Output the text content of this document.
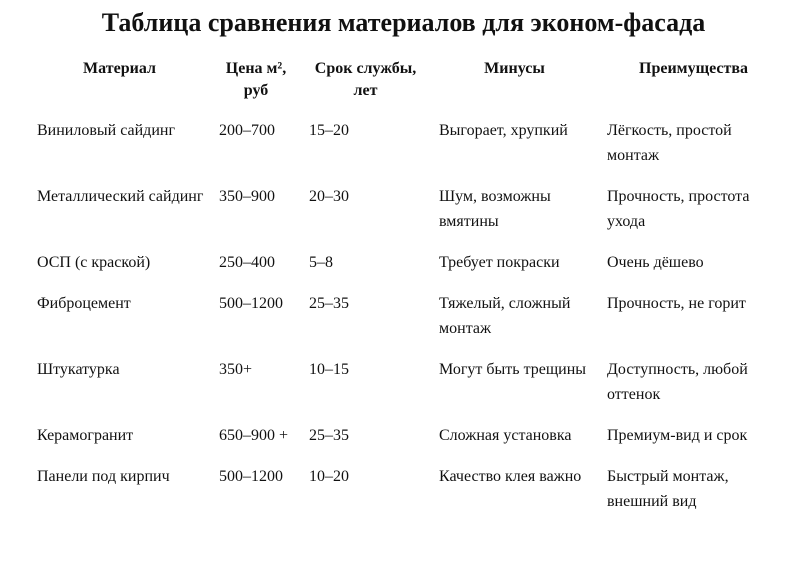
Таблица сравнения материалов для эконом-фасада
Материал	Цена м², руб	Срок службы, лет	Минусы	Преимущества
Виниловый сайдинг	200–700	15–20	Выгорает, хрупкий	Лёгкость, простой монтаж
Металлический сайдинг	350–900	20–30	Шум, возможны вмятины	Прочность, простота ухода
ОСП (с краской)	250–400	5–8	Требует покраски	Очень дёшево
Фиброцемент	500–1200	25–35	Тяжелый, сложный монтаж	Прочность, не горит
Штукатурка	350+	10–15	Могут быть трещины	Доступность, любой оттенок
Керамогранит	650–900 +	25–35	Сложная установка	Премиум-вид и срок
Панели под кирпич	500–1200	10–20	Качество клея важно	Быстрый монтаж, внешний вид
